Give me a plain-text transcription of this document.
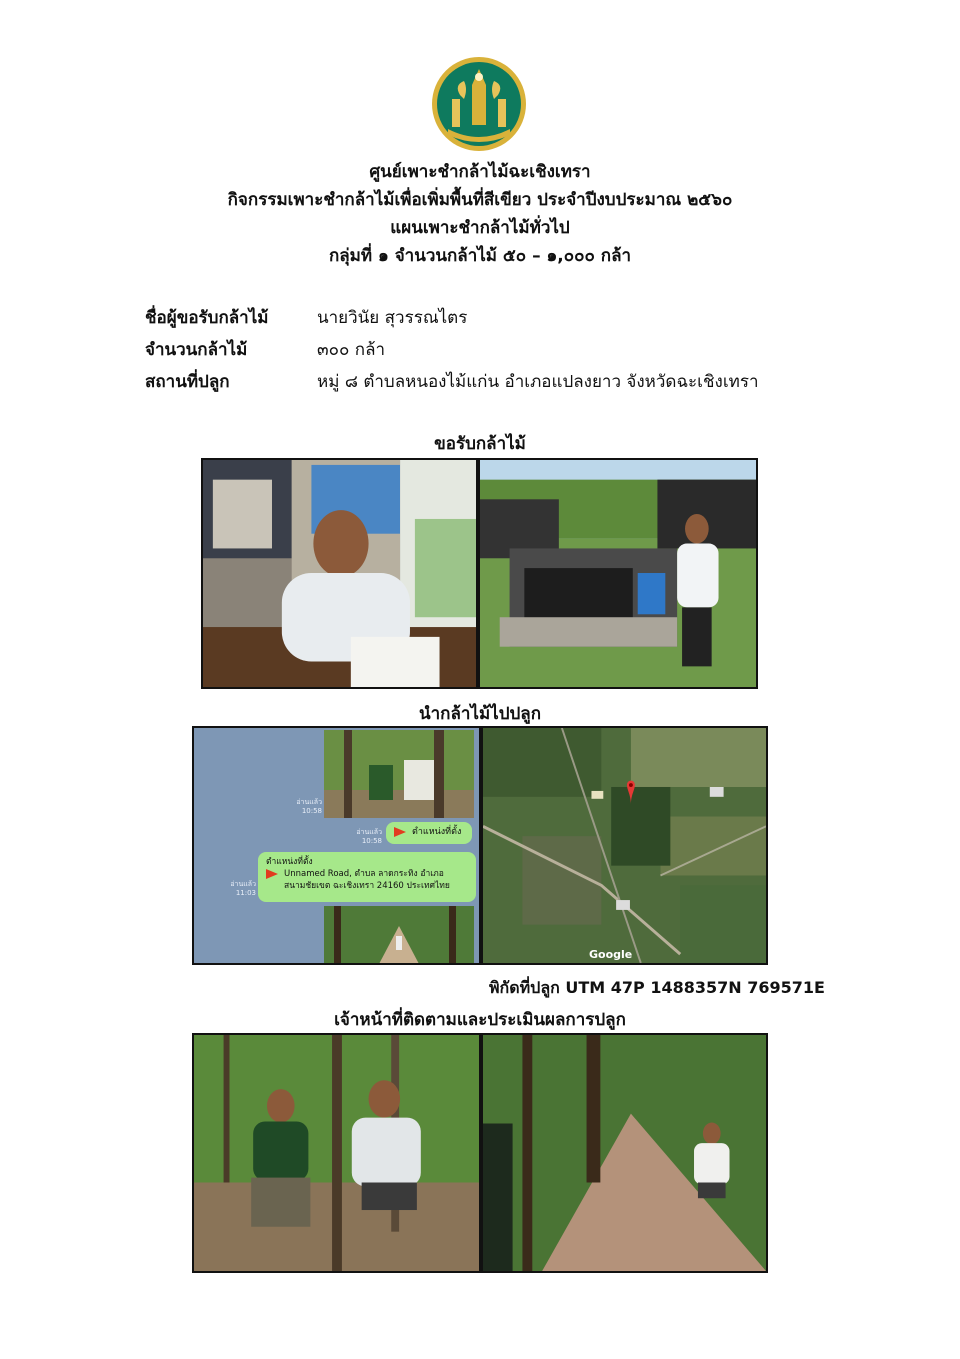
ศูนย์เพาะชำกล้าไม้ฉะเชิงเทรา
กิจกรรมเพาะชำกล้าไม้เพื่อเพิ่มพื้นที่สีเขียว ประจำปีงบประมาณ ๒๕๖๐
แผนเพาะชำกล้าไม้ทั่วไป
กลุ่มที่ ๑ จำนวนกล้าไม้ ๕๐ – ๑,๐๐๐ กล้า
ชื่อผู้ขอรับกล้าไม้	นายวินัย สุวรรณไตร
จำนวนกล้าไม้	๓๐๐ กล้า
สถานที่ปลูก	หมู่ ๘ ตำบลหนองไม้แก่น อำเภอแปลงยาว จังหวัดฉะเชิงเทรา
ขอรับกล้าไม้
นำกล้าไม้ไปปลูก
อ่านแล้ว
10:58
อ่านแล้ว
10:58
ตำแหน่งที่ตั้ง
อ่านแล้ว
11:03
ตำแหน่งที่ตั้ง
Unnamed Road, ตำบล ลาดกระทิง อำเภอ
สนามชัยเขต ฉะเชิงเทรา 24160 ประเทศไทย
Google
พิกัดที่ปลูก UTM 47P 1488357N 769571E
เจ้าหน้าที่ติดตามและประเมินผลการปลูก
